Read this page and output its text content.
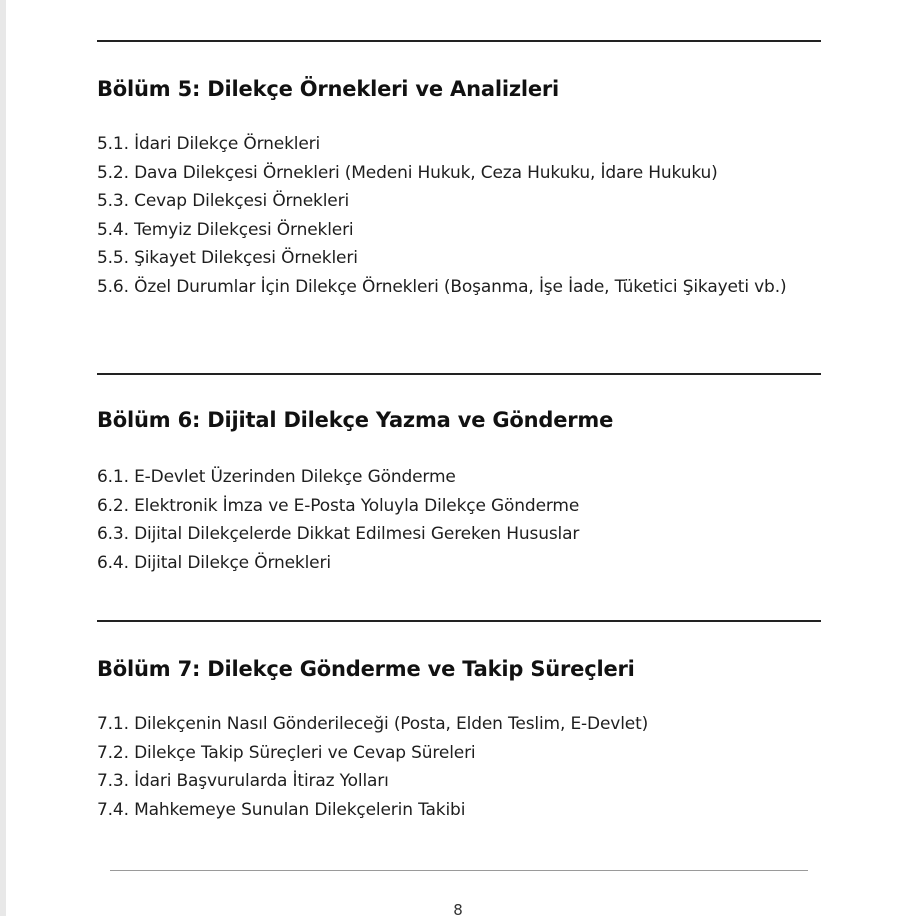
Bölüm 5: Dilekçe Örnekleri ve Analizleri
5.1. İdari Dilekçe Örnekleri
5.2. Dava Dilekçesi Örnekleri (Medeni Hukuk, Ceza Hukuku, İdare Hukuku)
5.3. Cevap Dilekçesi Örnekleri
5.4. Temyiz Dilekçesi Örnekleri
5.5. Şikayet Dilekçesi Örnekleri
5.6. Özel Durumlar İçin Dilekçe Örnekleri (Boşanma, İşe İade, Tüketici Şikayeti vb.)
Bölüm 6: Dijital Dilekçe Yazma ve Gönderme
6.1. E-Devlet Üzerinden Dilekçe Gönderme
6.2. Elektronik İmza ve E-Posta Yoluyla Dilekçe Gönderme
6.3. Dijital Dilekçelerde Dikkat Edilmesi Gereken Hususlar
6.4. Dijital Dilekçe Örnekleri
Bölüm 7: Dilekçe Gönderme ve Takip Süreçleri
7.1. Dilekçenin Nasıl Gönderileceği (Posta, Elden Teslim, E-Devlet)
7.2. Dilekçe Takip Süreçleri ve Cevap Süreleri
7.3. İdari Başvurularda İtiraz Yolları
7.4. Mahkemeye Sunulan Dilekçelerin Takibi
8
